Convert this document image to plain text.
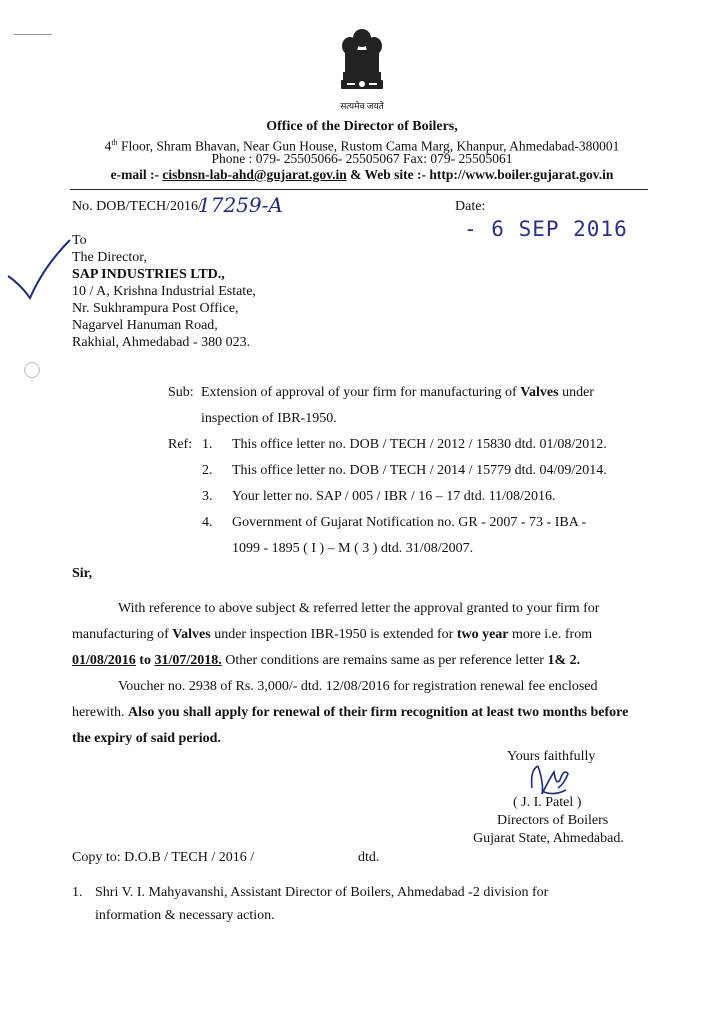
सत्यमेव जयते
Office of the Director of Boilers,
4th Floor, Shram Bhavan, Near Gun House, Rustom Cama Marg, Khanpur, Ahmedabad-380001
Phone : 079- 25505066- 25505067 Fax: 079- 25505061
e-mail :- cisbnsn-lab-ahd@gujarat.gov.in & Web site :- http://www.boiler.gujarat.gov.in
No. DOB/TECH/2016/
17259-A	Date:
- 6 SEP 2016
To
The Director,
SAP INDUSTRIES LTD.,
10 / A, Krishna Industrial Estate,
Nr. Sukhrampura Post Office,
Nagarvel Hanuman Road,
Rakhial, Ahmedabad - 380 023.
Sub: Extension of approval of your firm for manufacturing of Valves under
inspection of IBR-1950.
Ref: 1. This office letter no. DOB / TECH / 2012 / 15830 dtd. 01/08/2012.
2. This office letter no. DOB / TECH / 2014 / 15779 dtd. 04/09/2014.
3. Your letter no. SAP / 005 / IBR / 16 – 17 dtd. 11/08/2016.
4. Government of Gujarat Notification no. GR - 2007 - 73 - IBA -
1099 - 1895 ( I ) – M ( 3 ) dtd. 31/08/2007.
Sir,
With reference to above subject & referred letter the approval granted to your firm for manufacturing of Valves under inspection IBR-1950 is extended for two year more i.e. from 01/08/2016 to 31/07/2018. Other conditions are remains same as per reference letter 1& 2.
Voucher no. 2938 of Rs. 3,000/- dtd. 12/08/2016 for registration renewal fee enclosed herewith. Also you shall apply for renewal of their firm recognition at least two months before the expiry of said period.
Yours faithfully
( J. I. Patel )
Directors of Boilers
Gujarat State, Ahmedabad.
Copy to: D.O.B / TECH / 2016 /	dtd.
1. Shri V. I. Mahyavanshi, Assistant Director of Boilers, Ahmedabad -2 division for
information & necessary action.
